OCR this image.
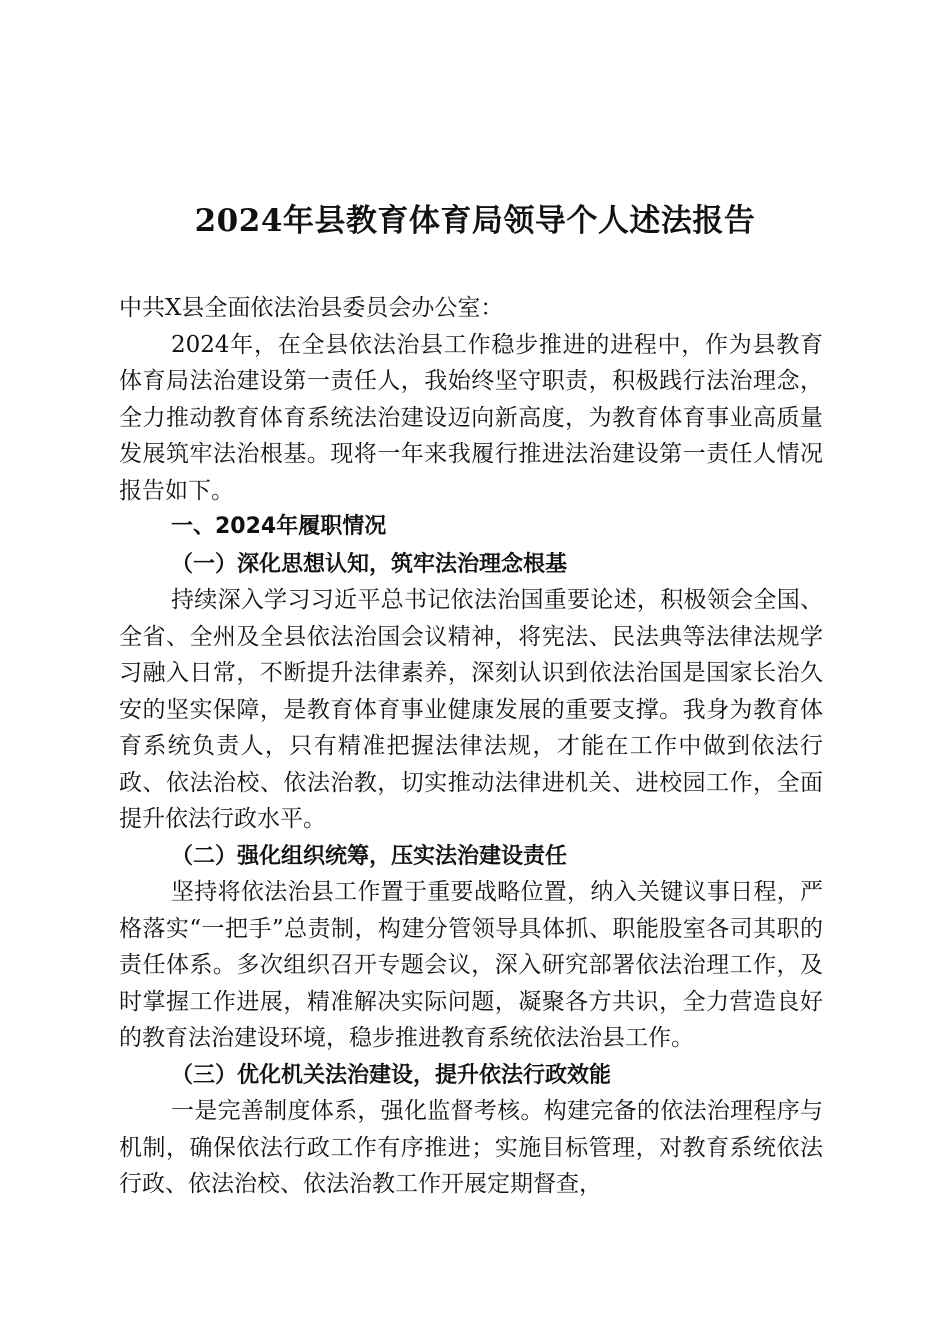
2024年县教育体育局领导个人述法报告

中共X县全面依法治县委员会办公室：

2024年，在全县依法治县工作稳步推进的进程中，作为县教育体育局法治建设第一责任人，我始终坚守职责，积极践行法治理念，全力推动教育体育系统法治建设迈向新高度，为教育体育事业高质量发展筑牢法治根基。现将一年来我履行推进法治建设第一责任人情况报告如下。

一、2024年履职情况

（一）深化思想认知，筑牢法治理念根基

持续深入学习习近平总书记依法治国重要论述，积极领会全国、全省、全州及全县依法治国会议精神，将宪法、民法典等法律法规学习融入日常，不断提升法律素养，深刻认识到依法治国是国家长治久安的坚实保障，是教育体育事业健康发展的重要支撑。我身为教育体育系统负责人，只有精准把握法律法规，才能在工作中做到依法行政、依法治校、依法治教，切实推动法律进机关、进校园工作，全面提升依法行政水平。

（二）强化组织统筹，压实法治建设责任

坚持将依法治县工作置于重要战略位置，纳入关键议事日程，严格落实“一把手”总责制，构建分管领导具体抓、职能股室各司其职的责任体系。多次组织召开专题会议，深入研究部署依法治理工作，及时掌握工作进展，精准解决实际问题，凝聚各方共识，全力营造良好的教育法治建设环境，稳步推进教育系统依法治县工作。

（三）优化机关法治建设，提升依法行政效能

一是完善制度体系，强化监督考核。构建完备的依法治理程序与机制，确保依法行政工作有序推进；实施目标管理，对教育系统依法行政、依法治校、依法治教工作开展定期督查，
